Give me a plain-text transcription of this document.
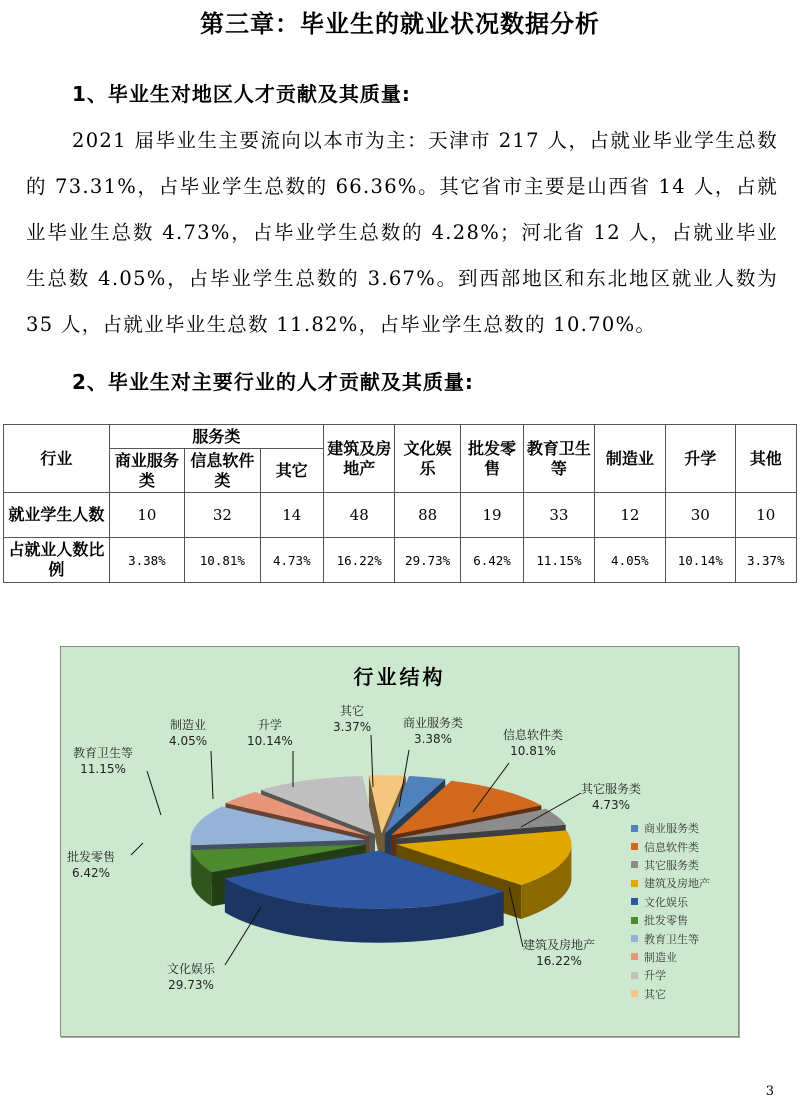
第三章：毕业生的就业状况数据分析
1、毕业生对地区人才贡献及其质量:

2021 届毕业生主要流向以本市为主：天津市 217 人，占就业毕业学生总数的 73.31%，占毕业学生总数的 66.36%。其它省市主要是山西省 14 人，占就业毕业生总数 4.73%，占毕业学生总数的 4.28%；河北省 12 人，占就业毕业生总数 4.05%，占毕业学生总数的 3.67%。到西部地区和东北地区就业人数为 35 人，占就业毕业生总数 11.82%，占毕业学生总数的 10.70%。

2、毕业生对主要行业的人才贡献及其质量:
行业	服务类			建筑及房地产	文化娱乐	批发零售	教育卫生等	制造业	升学	其他
	商业服务类	信息软件类	其它							
就业学生人数	10	32	14	48	88	19	33	12	30	10
占就业人数比例	3.38%	10.81%	4.73%	16.22%	29.73%	6.42%	11.15%	4.05%	10.14%	3.37%
行业结构
商业服务类
3.38%	信息软件类
10.81%
其它服务类
4.73%
建筑及房地产
16.22%
文化娱乐
29.73%
批发零售
6.42%
教育卫生等
11.15%
制造业
4.05%
升学
10.14%
其它
3.37%
商业服务类
信息软件类
其它服务类
建筑及房地产
文化娱乐
批发零售
教育卫生等
制造业
升学
其它
3
